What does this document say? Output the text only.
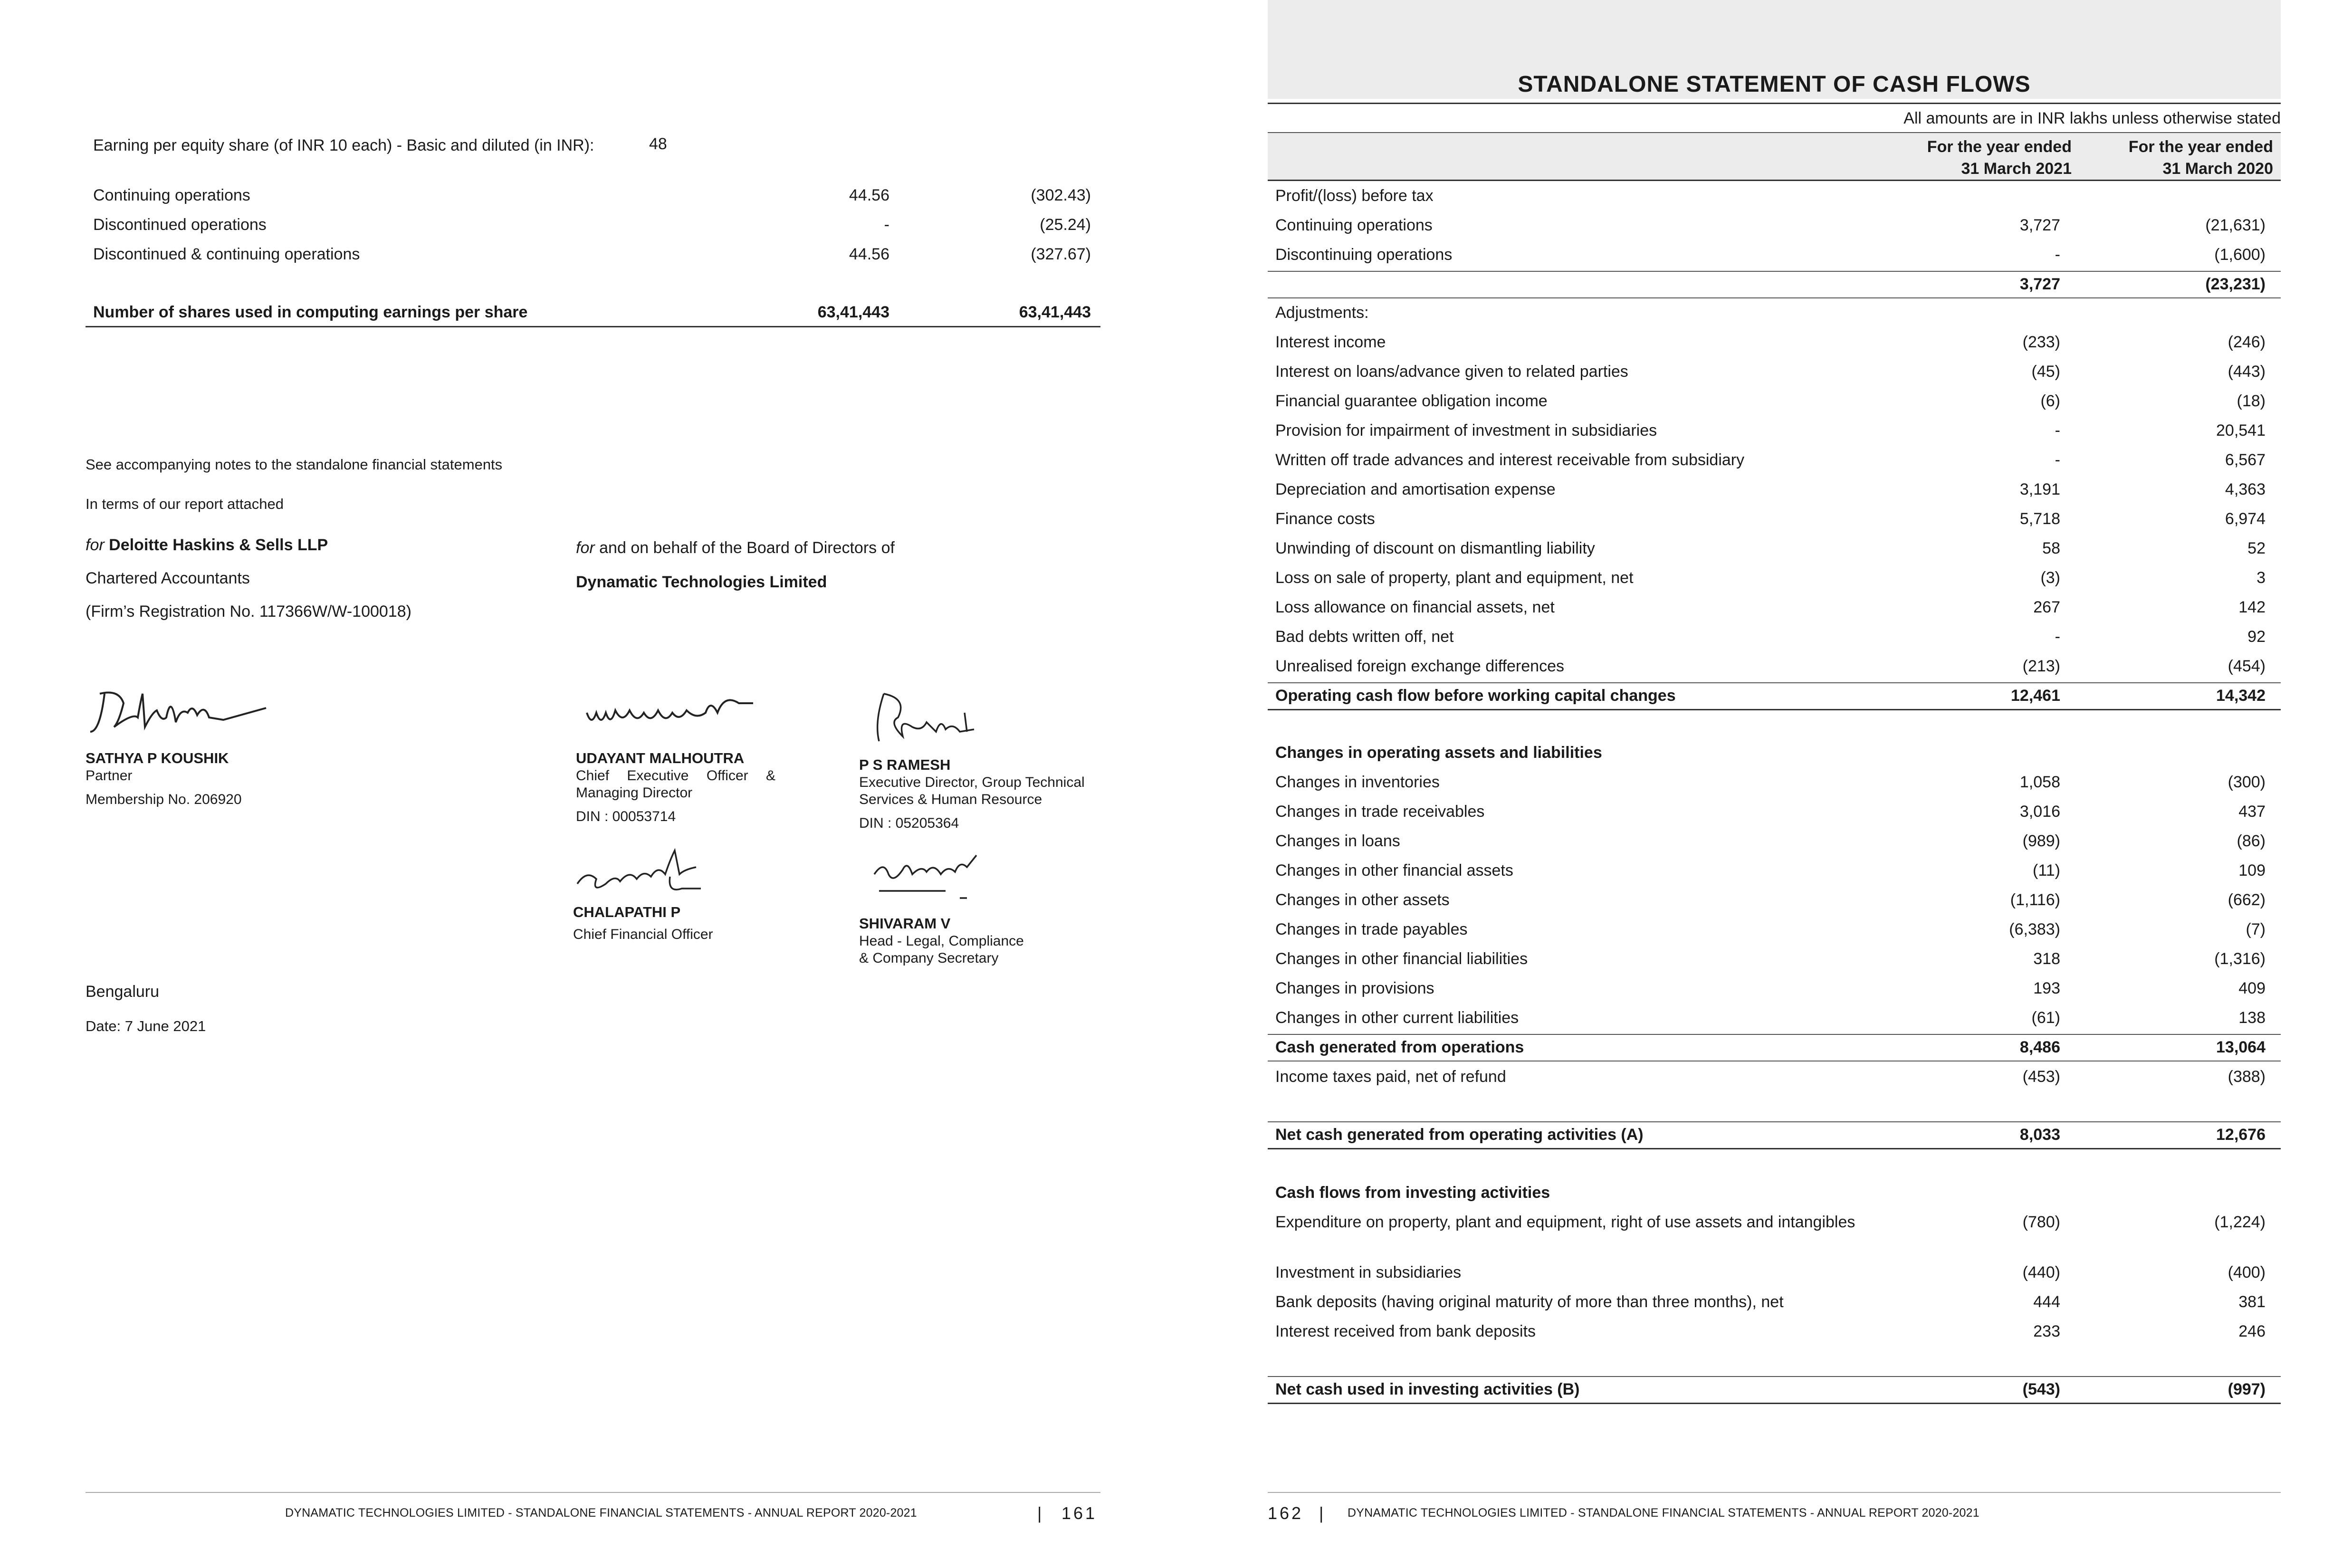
Earning per equity share (of INR 10 each) - Basic and diluted (in INR):	48
Continuing operations	44.56	(302.43)
Discontinued operations	-	(25.24)
Discontinued & continuing operations	44.56	(327.67)
Number of shares used in computing earnings per share	63,41,443	63,41,443
See accompanying notes to the standalone financial statements
In terms of our report attached
for Deloitte Haskins & Sells LLP
Chartered Accountants
(Firm’s Registration No. 117366W/W-100018)
for and on behalf of the Board of Directors of
Dynamatic Technologies Limited
SATHYA P KOUSHIK
Partner
Membership No. 206920
UDAYANT MALHOUTRA
Chief Executive Officer &
Managing Director
DIN : 00053714
P S RAMESH
Executive Director, Group Technical
Services & Human Resource
DIN : 05205364
CHALAPATHI P
Chief Financial Officer
SHIVARAM V
Head - Legal, Compliance
& Company Secretary
Bengaluru
Date: 7 June 2021
DYNAMATIC TECHNOLOGIES LIMITED - STANDALONE FINANCIAL STATEMENTS - ANNUAL REPORT 2020-2021	| 161
STANDALONE STATEMENT OF CASH FLOWS
All amounts are in INR lakhs unless otherwise stated
For the year ended
31 March 2021
For the year ended
31 March 2020
Profit/(loss) before tax
Continuing operations	3,727	(21,631)
Discontinuing operations	-	(1,600)
3,727	(23,231)
Adjustments:
Interest income	(233)	(246)
Interest on loans/advance given to related parties	(45)	(443)
Financial guarantee obligation income	(6)	(18)
Provision for impairment of investment in subsidiaries	-	20,541
Written off trade advances and interest receivable from subsidiary	-	6,567
Depreciation and amortisation expense	3,191	4,363
Finance costs	5,718	6,974
Unwinding of discount on dismantling liability	58	52
Loss on sale of property, plant and equipment, net	(3)	3
Loss allowance on financial assets, net	267	142
Bad debts written off, net	-	92
Unrealised foreign exchange differences	(213)	(454)
Operating cash flow before working capital changes	12,461	14,342
Changes in operating assets and liabilities
Changes in inventories	1,058	(300)
Changes in trade receivables	3,016	437
Changes in loans	(989)	(86)
Changes in other financial assets	(11)	109
Changes in other assets	(1,116)	(662)
Changes in trade payables	(6,383)	(7)
Changes in other financial liabilities	318	(1,316)
Changes in provisions	193	409
Changes in other current liabilities	(61)	138
Cash generated from operations	8,486	13,064
Income taxes paid, net of refund	(453)	(388)
Net cash generated from operating activities (A)	8,033	12,676
Cash flows from investing activities
Expenditure on property, plant and equipment, right of use assets and intangibles	(780)	(1,224)
Investment in subsidiaries	(440)	(400)
Bank deposits (having original maturity of more than three months), net	444	381
Interest received from bank deposits	233	246
Net cash used in investing activities (B)	(543)	(997)
162 | DYNAMATIC TECHNOLOGIES LIMITED - STANDALONE FINANCIAL STATEMENTS - ANNUAL REPORT 2020-2021
